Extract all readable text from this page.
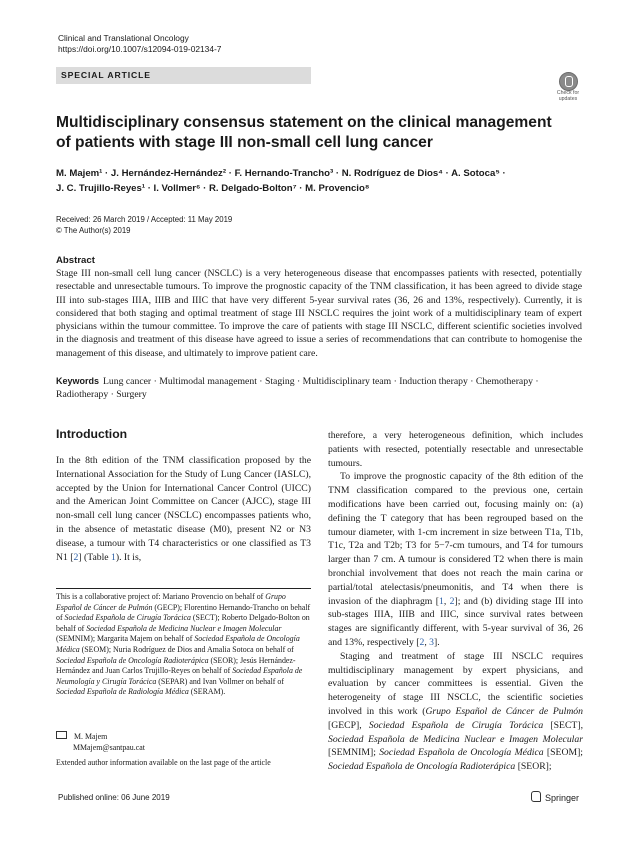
Clinical and Translational Oncology
https://doi.org/10.1007/s12094-019-02134-7
SPECIAL ARTICLE
Check for
updates
Multidisciplinary consensus statement on the clinical management of patients with stage III non-small cell lung cancer
M. Majem¹ · J. Hernández-Hernández² · F. Hernando-Trancho³ · N. Rodríguez de Dios⁴ · A. Sotoca⁵ ·
J. C. Trujillo-Reyes¹ · I. Vollmer⁶ · R. Delgado-Bolton⁷ · M. Provencio⁸
Received: 26 March 2019 / Accepted: 11 May 2019
© The Author(s) 2019
Abstract
Stage III non-small cell lung cancer (NSCLC) is a very heterogeneous disease that encompasses patients with resected, potentially resectable and unresectable tumours. To improve the prognostic capacity of the TNM classification, it has been agreed to divide stage III into sub-stages IIIA, IIIB and IIIC that have very different 5-year survival rates (36, 26 and 13%, respectively). Currently, it is considered that both staging and optimal treatment of stage III NSCLC requires the joint work of a multidisciplinary team of expert physicians within the tumour committee. To improve the care of patients with stage III NSCLC, different scientific societies involved in the diagnosis and treatment of this disease have agreed to issue a series of recommendations that can contribute to homogenise the management of this disease, and ultimately to improve patient care.
Keywords Lung cancer · Multimodal management · Staging · Multidisciplinary team · Induction therapy · Chemotherapy · Radiotherapy · Surgery
Introduction

In the 8th edition of the TNM classification proposed by the International Association for the Study of Lung Cancer (IASLC), accepted by the Union for International Cancer Control (UICC) and the American Joint Committee on Cancer (AJCC), stage III non-small cell lung cancer (NSCLC) encompasses patients who, in the absence of metastatic disease (M0), present N2 or N3 disease, a tumour with T4 characteristics or one classified as T3 N1 [2] (Table 1). It is,

This is a collaborative project of: Mariano Provencio on behalf of Grupo Español de Cáncer de Pulmón (GECP); Florentino Hernando-Trancho on behalf of Sociedad Española de Cirugía Torácica (SECT); Roberto Delgado-Bolton on behalf of Sociedad Española de Medicina Nuclear e Imagen Molecular (SEMNIM); Margarita Majem on behalf of Sociedad Española de Oncología Médica (SEOM); Nuria Rodríguez de Dios and Amalia Sotoca on behalf of Sociedad Española de Oncología Radioterápica (SEOR); Jesús Hernández-Hernández and Juan Carlos Trujillo-Reyes on behalf of Sociedad Española de Neumología y Cirugía Torácica (SEPAR) and Ivan Vollmer on behalf of Sociedad Española de Radiología Médica (SERAM).
M. Majem
MMajem@santpau.cat
Extended author information available on the last page of the article

therefore, a very heterogeneous definition, which includes patients with resected, potentially resectable and unresectable tumours.

To improve the prognostic capacity of the 8th edition of the TNM classification compared to the previous one, certain modifications have been carried out, focusing mainly on: (a) defining the T category that has been regrouped based on the tumour diameter, with 1-cm increment in size between T1a, T1b, T1c, T2a and T2b; T3 for 5−7-cm tumours, and T4 for tumours larger than 7 cm. A tumour is considered T2 when there is main bronchial involvement that does not reach the main carina or partial/total atelectasis/pneumonitis, and T4 when there is invasion of the diaphragm [1, 2]; and (b) dividing stage III into sub-stages IIIA, IIIB and IIIC, since survival rates between stages are significantly different, with 5-year survival of 36, 26 and 13%, respectively [2, 3].

Staging and treatment of stage III NSCLC requires multidisciplinary management by expert physicians, and evaluation by cancer committees is essential. Given the heterogeneity of stage III NSCLC, the scientific societies involved in this work (Grupo Español de Cáncer de Pulmón [GECP], Sociedad Española de Cirugía Torácica [SECT], Sociedad Española de Medicina Nuclear e Imagen Molecular [SEMNIM]; Sociedad Española de Oncología Médica [SEOM]; Sociedad Española de Oncología Radioterápica [SEOR];

Published online: 06 June 2019	Springer
